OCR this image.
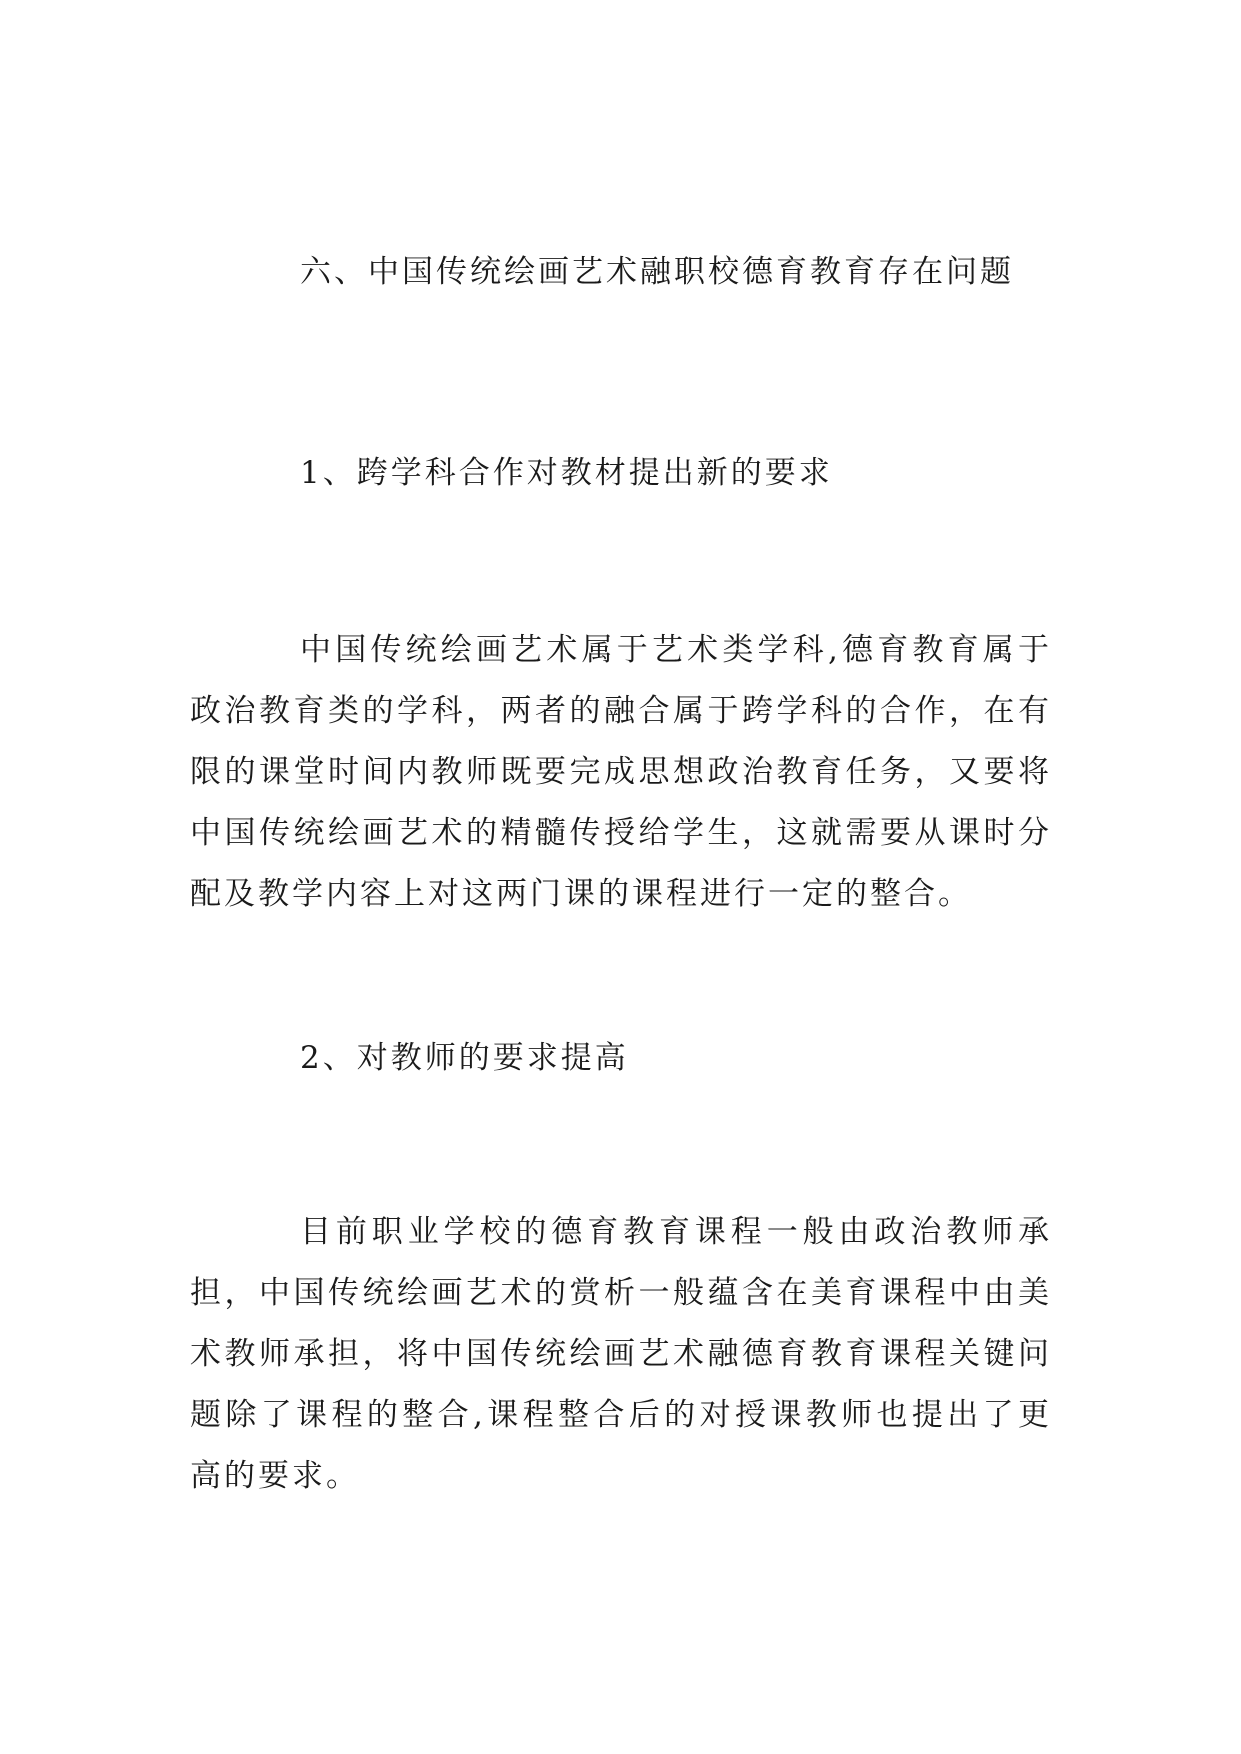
六、中国传统绘画艺术融职校德育教育存在问题
1、跨学科合作对教材提出新的要求

中国传统绘画艺术属于艺术类学科,德育教育属于政治教育类的学科，两者的融合属于跨学科的合作，在有限的课堂时间内教师既要完成思想政治教育任务，又要将中国传统绘画艺术的精髓传授给学生，这就需要从课时分配及教学内容上对这两门课的课程进行一定的整合。

2、对教师的要求提高

目前职业学校的德育教育课程一般由政治教师承担，中国传统绘画艺术的赏析一般蕴含在美育课程中由美术教师承担，将中国传统绘画艺术融德育教育课程关键问题除了课程的整合,课程整合后的对授课教师也提出了更高的要求。
